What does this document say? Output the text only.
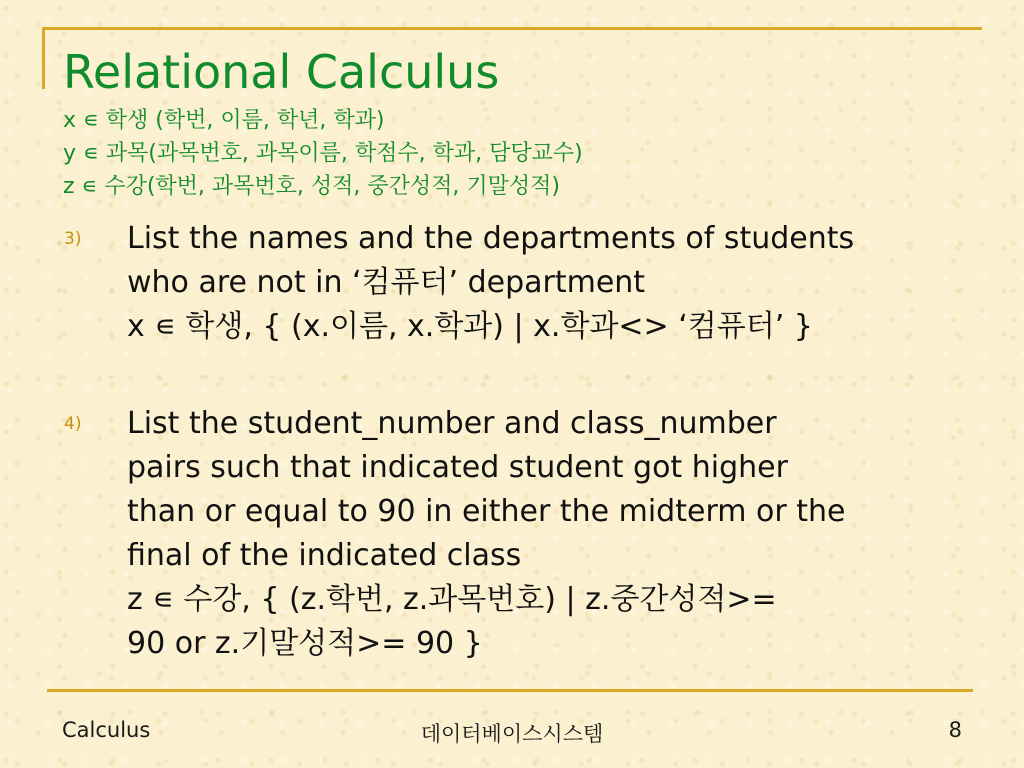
Relational Calculus
x ∊ 학생 (학번, 이름, 학년, 학과)
y ∊ 과목(과목번호, 과목이름, 학점수, 학과, 담당교수)
z ∊ 수강(학번, 과목번호, 성적, 중간성적, 기말성적)
3) List the names and the departments of students
who are not in ‘컴퓨터’ department
x ∊ 학생, { (x.이름, x.학과) | x.학과<> ‘컴퓨터’ }
4) List the student_number and class_number
pairs such that indicated student got higher
than or equal to 90 in either the midterm or the
final of the indicated class
z ∊ 수강, { (z.학번, z.과목번호) | z.중간성적>=
90 or z.기말성적>= 90 }
Calculus	데이터베이스시스템	8
